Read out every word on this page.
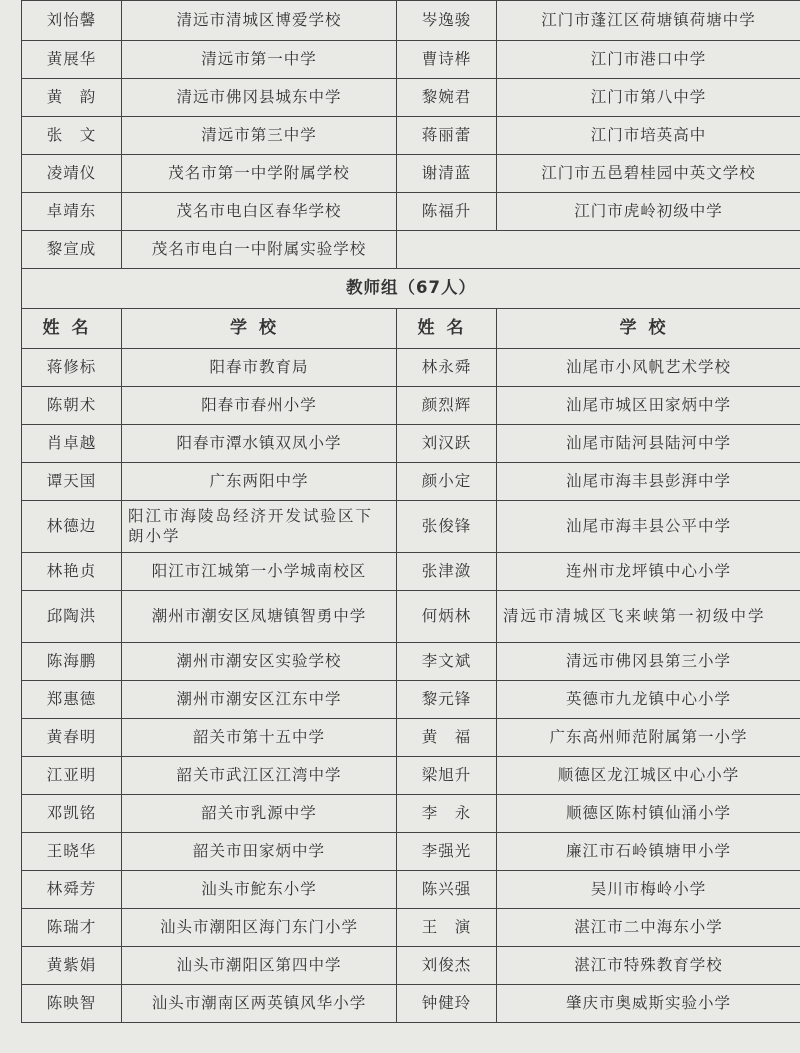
刘怡馨	清远市清城区博爱学校	岑逸骏	江门市蓬江区荷塘镇荷塘中学
黄展华	清远市第一中学	曹诗桦	江门市港口中学
黄　韵	清远市佛冈县城东中学	黎婉君	江门市第八中学
张　文	清远市第三中学	蒋丽蕾	江门市培英高中
凌靖仪	茂名市第一中学附属学校	谢清蓝	江门市五邑碧桂园中英文学校
卓靖东	茂名市电白区春华学校	陈福升	江门市虎岭初级中学
黎宣成	茂名市电白一中附属实验学校		
教师组（67人）			
姓名	学校	姓名	学校
蒋修标	阳春市教育局	林永舜	汕尾市小风帆艺术学校
陈朝术	阳春市春州小学	颜烈辉	汕尾市城区田家炳中学
肖卓越	阳春市潭水镇双凤小学	刘汉跃	汕尾市陆河县陆河中学
谭天国	广东两阳中学	颜小定	汕尾市海丰县彭湃中学
林德边	阳江市海陵岛经济开发试验区下朗小学	张俊锋	汕尾市海丰县公平中学
林艳贞	阳江市江城第一小学城南校区	张津潋	连州市龙坪镇中心小学
邱陶洪	潮州市潮安区凤塘镇智勇中学	何炳林	清远市清城区飞来峡第一初级中学
陈海鹏	潮州市潮安区实验学校	李文斌	清远市佛冈县第三小学
郑惠德	潮州市潮安区江东中学	黎元锋	英德市九龙镇中心小学
黄春明	韶关市第十五中学	黄　福	广东高州师范附属第一小学
江亚明	韶关市武江区江湾中学	梁旭升	顺德区龙江城区中心小学
邓凯铭	韶关市乳源中学	李　永	顺德区陈村镇仙涌小学
王晓华	韶关市田家炳中学	李强光	廉江市石岭镇塘甲小学
林舜芳	汕头市鮀东小学	陈兴强	吴川市梅岭小学
陈瑞才	汕头市潮阳区海门东门小学	王　演	湛江市二中海东小学
黄紫娟	汕头市潮阳区第四中学	刘俊杰	湛江市特殊教育学校
陈映智	汕头市潮南区两英镇风华小学	钟健玲	肇庆市奥威斯实验小学
